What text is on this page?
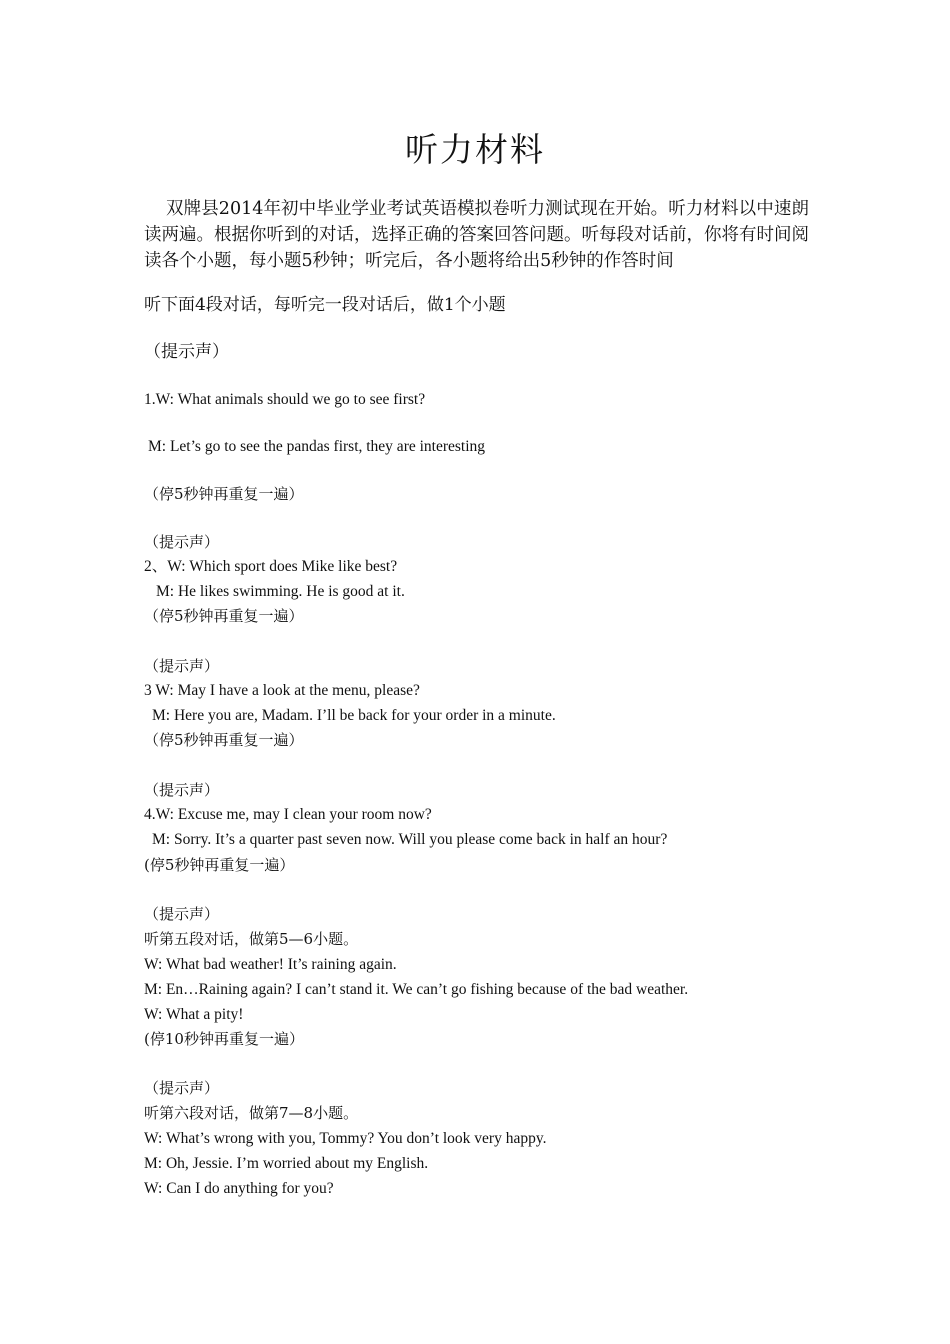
听力材料
双牌县2014年初中毕业学业考试英语模拟卷听力测试现在开始。听力材料以中速朗读两遍。根据你听到的对话，选择正确的答案回答问题。听每段对话前，你将有时间阅读各个小题，每小题5秒钟；听完后，各小题将给出5秒钟的作答时间
听下面4段对话，每听完一段对话后，做1个小题
（提示声）
1.W: What animals should we go to see first?
M: Let’s go to see the pandas first, they are interesting
（停5秒钟再重复一遍）
（提示声）
2、W: Which sport does Mike like best?
M: He likes swimming. He is good at it.
（停5秒钟再重复一遍）
（提示声）
3 W: May I have a look at the menu, please?
M: Here you are, Madam. I’ll be back for your order in a minute.
（停5秒钟再重复一遍）
（提示声）
4.W: Excuse me, may I clean your room now?
M: Sorry. It’s a quarter past seven now. Will you please come back in half an hour?
(停5秒钟再重复一遍）
（提示声）
听第五段对话，做第5—6小题。
W: What bad weather! It’s raining again.
M: En…Raining again? I can’t stand it. We can’t go fishing because of the bad weather.
W: What a pity!
(停10秒钟再重复一遍）
（提示声）
听第六段对话，做第7—8小题。
W: What’s wrong with you, Tommy? You don’t look very happy.
M: Oh, Jessie. I’m worried about my English.
W: Can I do anything for you?
